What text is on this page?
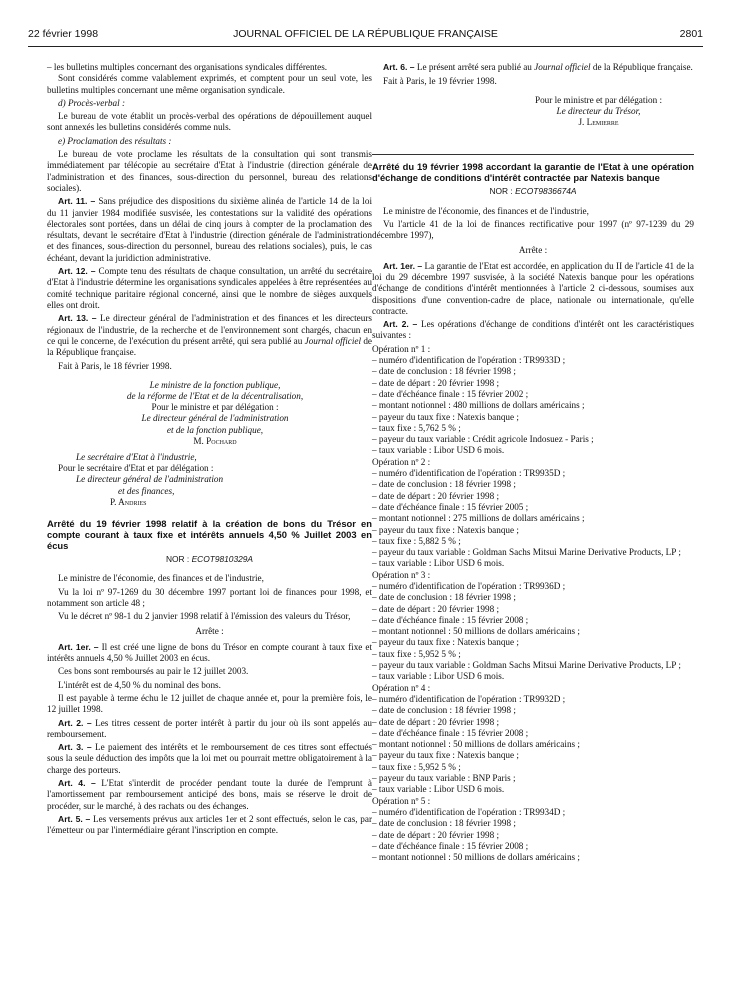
22 février 1998	JOURNAL OFFICIEL DE LA RÉPUBLIQUE FRANÇAISE	2801

– les bulletins multiples concernant des organisations syndicales différentes.

Sont considérés comme valablement exprimés, et comptent pour un seul vote, les bulletins multiples concernant une même organisation syndicale.

d) Procès-verbal :

Le bureau de vote établit un procès-verbal des opérations de dépouillement auquel sont annexés les bulletins considérés comme nuls.

e) Proclamation des résultats :

Le bureau de vote proclame les résultats de la consultation qui sont transmis immédiatement par télécopie au secrétaire d'Etat à l'industrie (direction générale de l'administration et des finances, sous-direction du personnel, bureau des relations sociales).

Art. 11. – Sans préjudice des dispositions du sixième alinéa de l'article 14 de la loi du 11 janvier 1984 modifiée susvisée, les contestations sur la validité des opérations électorales sont portées, dans un délai de cinq jours à compter de la proclamation des résultats, devant le secrétaire d'Etat à l'industrie (direction générale de l'administration et des finances, sous-direction du personnel, bureau des relations sociales), puis, le cas échéant, devant la juridiction administrative.

Art. 12. – Compte tenu des résultats de chaque consultation, un arrêté du secrétaire d'Etat à l'industrie détermine les organisations syndicales appelées à être représentées au comité technique paritaire régional concerné, ainsi que le nombre de sièges auxquels elles ont droit.

Art. 13. – Le directeur général de l'administration et des finances et les directeurs régionaux de l'industrie, de la recherche et de l'environnement sont chargés, chacun en ce qui le concerne, de l'exécution du présent arrêté, qui sera publié au Journal officiel de la République française.

Fait à Paris, le 18 février 1998.

Le ministre de la fonction publique,

de la réforme de l'Etat et de la décentralisation,

Pour le ministre et par délégation :

Le directeur général de l'administration

et de la fonction publique,

M. Pochard

Le secrétaire d'Etat à l'industrie,

Pour le secrétaire d'Etat et par délégation :

Le directeur général de l'administration

et des finances,

P. Andries

Arrêté du 19 février 1998 relatif à la création de bons du Trésor en compte courant à taux fixe et intérêts annuels 4,50 % Juillet 2003 en écus
NOR : ECOT9810329A

Le ministre de l'économie, des finances et de l'industrie,

Vu la loi nº 97-1269 du 30 décembre 1997 portant loi de finances pour 1998, et notamment son article 48 ;

Vu le décret nº 98-1 du 2 janvier 1998 relatif à l'émission des valeurs du Trésor,

Arrête :

Art. 1er. – Il est créé une ligne de bons du Trésor en compte courant à taux fixe et intérêts annuels 4,50 % Juillet 2003 en écus.

Ces bons sont remboursés au pair le 12 juillet 2003.

L'intérêt est de 4,50 % du nominal des bons.

Il est payable à terme échu le 12 juillet de chaque année et, pour la première fois, le 12 juillet 1998.

Art. 2. – Les titres cessent de porter intérêt à partir du jour où ils sont appelés au remboursement.

Art. 3. – Le paiement des intérêts et le remboursement de ces titres sont effectués sous la seule déduction des impôts que la loi met ou pourrait mettre obligatoirement à la charge des porteurs.

Art. 4. – L'Etat s'interdit de procéder pendant toute la durée de l'emprunt à l'amortissement par remboursement anticipé des bons, mais se réserve le droit de procéder, sur le marché, à des rachats ou des échanges.

Art. 5. – Les versements prévus aux articles 1er et 2 sont effectués, selon le cas, par l'émetteur ou par l'intermédiaire gérant l'inscription en compte.

Art. 6. – Le présent arrêté sera publié au Journal officiel de la République française.

Fait à Paris, le 19 février 1998.

Pour le ministre et par délégation :

Le directeur du Trésor,

J. Lemierre

Arrêté du 19 février 1998 accordant la garantie de l'Etat à une opération d'échange de conditions d'intérêt contractée par Natexis banque
NOR : ECOT9836674A

Le ministre de l'économie, des finances et de l'industrie,

Vu l'article 41 de la loi de finances rectificative pour 1997 (nº 97-1239 du 29 décembre 1997),

Arrête :

Art. 1er. – La garantie de l'Etat est accordée, en application du II de l'article 41 de la loi du 29 décembre 1997 susvisée, à la société Natexis banque pour les opérations d'échange de conditions d'intérêt mentionnées à l'article 2 ci-dessous, soumises aux dispositions d'une convention-cadre de place, nationale ou internationale, qu'elle contracte.

Art. 2. – Les opérations d'échange de conditions d'intérêt ont les caractéristiques suivantes :

Opération nº 1 :

– numéro d'identification de l'opération : TR9933D ;

– date de conclusion : 18 février 1998 ;

– date de départ : 20 février 1998 ;

– date d'échéance finale : 15 février 2002 ;

– montant notionnel : 480 millions de dollars américains ;

– payeur du taux fixe : Natexis banque ;

– taux fixe : 5,762 5 % ;

– payeur du taux variable : Crédit agricole Indosuez - Paris ;

– taux variable : Libor USD 6 mois.

Opération nº 2 :

– numéro d'identification de l'opération : TR9935D ;

– date de conclusion : 18 février 1998 ;

– date de départ : 20 février 1998 ;

– date d'échéance finale : 15 février 2005 ;

– montant notionnel : 275 millions de dollars américains ;

– payeur du taux fixe : Natexis banque ;

– taux fixe : 5,882 5 % ;

– payeur du taux variable : Goldman Sachs Mitsui Marine Derivative Products, LP ;

– taux variable : Libor USD 6 mois.

Opération nº 3 :

– numéro d'identification de l'opération : TR9936D ;

– date de conclusion : 18 février 1998 ;

– date de départ : 20 février 1998 ;

– date d'échéance finale : 15 février 2008 ;

– montant notionnel : 50 millions de dollars américains ;

– payeur du taux fixe : Natexis banque ;

– taux fixe : 5,952 5 % ;

– payeur du taux variable : Goldman Sachs Mitsui Marine Derivative Products, LP ;

– taux variable : Libor USD 6 mois.

Opération nº 4 :

– numéro d'identification de l'opération : TR9932D ;

– date de conclusion : 18 février 1998 ;

– date de départ : 20 février 1998 ;

– date d'échéance finale : 15 février 2008 ;

– montant notionnel : 50 millions de dollars américains ;

– payeur du taux fixe : Natexis banque ;

– taux fixe : 5,952 5 % ;

– payeur du taux variable : BNP Paris ;

– taux variable : Libor USD 6 mois.

Opération nº 5 :

– numéro d'identification de l'opération : TR9934D ;

– date de conclusion : 18 février 1998 ;

– date de départ : 20 février 1998 ;

– date d'échéance finale : 15 février 2008 ;

– montant notionnel : 50 millions de dollars américains ;
